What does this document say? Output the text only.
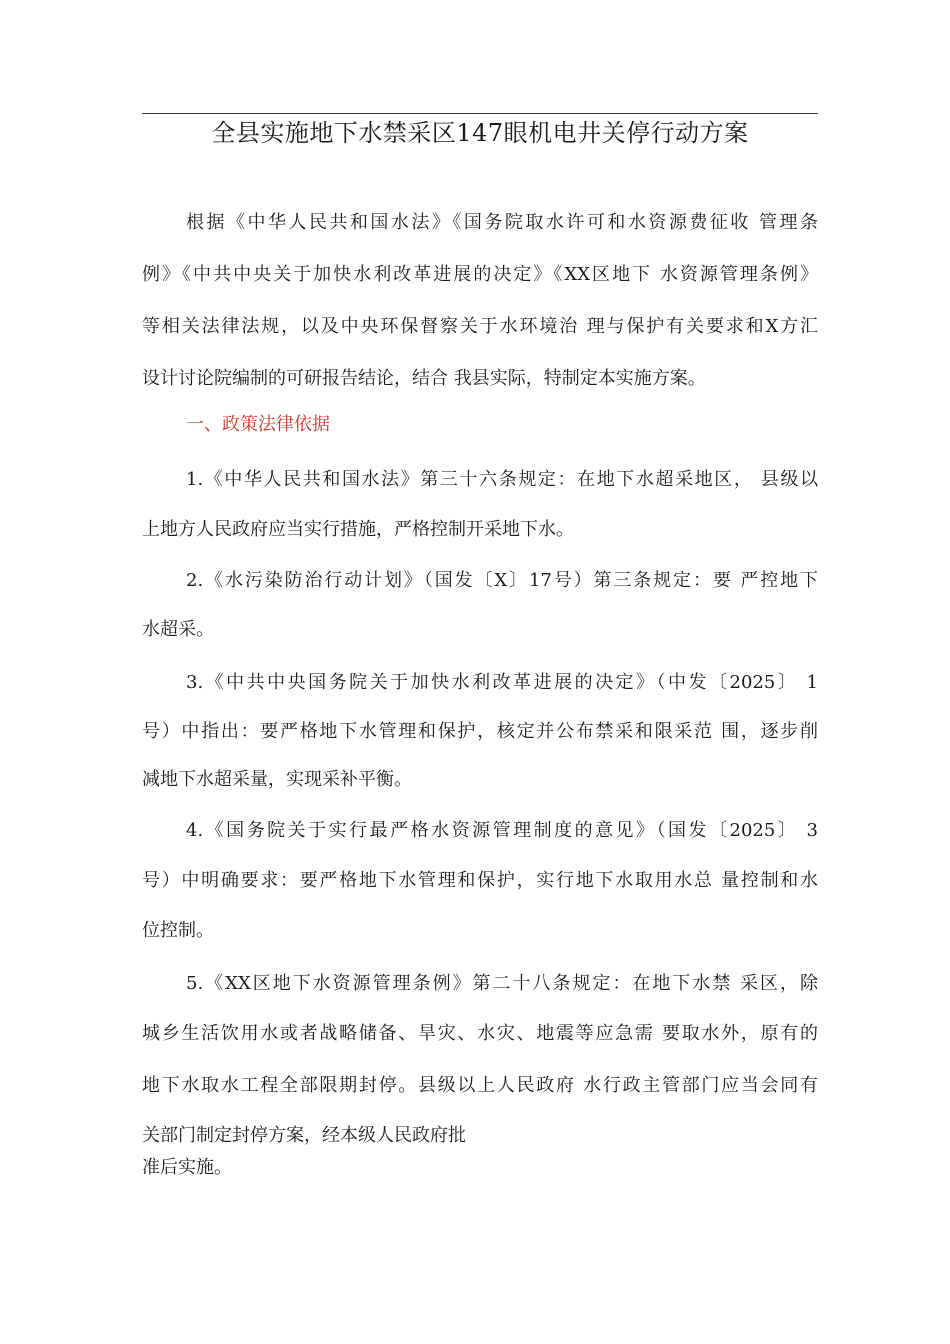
全县实施地下水禁采区147眼机电井关停行动方案
根据《中华人民共和国水法》《国务院取水许可和水资源费征收 管理条
例》《中共中央关于加快水利改革进展的决定》《XX区地下 水资源管理条例》
等相关法律法规，以及中央环保督察关于水环境治 理与保护有关要求和X方汇
设计讨论院编制的可研报告结论，结合 我县实际，特制定本实施方案。
一、政策法律依据
1.《中华人民共和国水法》第三十六条规定：在地下水超采地区， 县级以
上地方人民政府应当实行措施，严格控制开采地下水。
2.《水污染防治行动计划》（国发〔X〕17号）第三条规定：要 严控地下
水超采。
3.《中共中央国务院关于加快水利改革进展的决定》（中发〔2025〕 1
号）中指出：要严格地下水管理和保护，核定并公布禁采和限采范 围，逐步削
减地下水超采量，实现采补平衡。
4.《国务院关于实行最严格水资源管理制度的意见》（国发〔2025〕 3
号）中明确要求：要严格地下水管理和保护，实行地下水取用水总 量控制和水
位控制。
5.《XX区地下水资源管理条例》第二十八条规定：在地下水禁 采区，除
城乡生活饮用水或者战略储备、旱灾、水灾、地震等应急需 要取水外，原有的
地下水取水工程全部限期封停。县级以上人民政府 水行政主管部门应当会同有
关部门制定封停方案，经本级人民政府批
准后实施。
